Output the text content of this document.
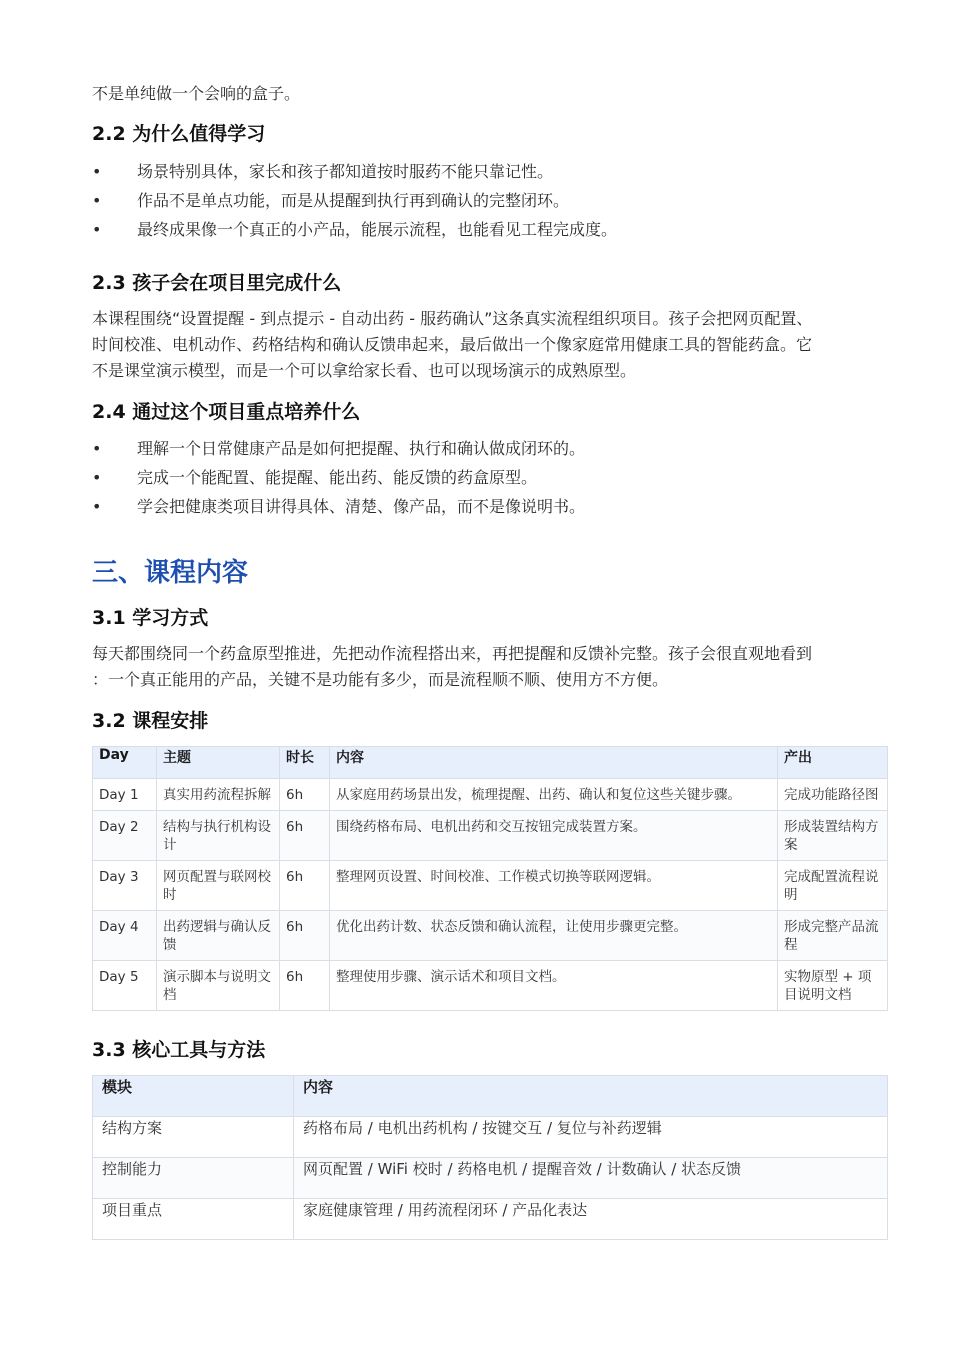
不是单纯做一个会响的盒子。

2.2 为什么值得学习
• 场景特别具体，家长和孩子都知道按时服药不能只靠记性。
• 作品不是单点功能，而是从提醒到执行再到确认的完整闭环。
• 最终成果像一个真正的小产品，能展示流程，也能看见工程完成度。
2.3 孩子会在项目里完成什么

本课程围绕“设置提醒 - 到点提示 - 自动出药 - 服药确认”这条真实流程组织项目。孩子会把网页配置、

时间校准、电机动作、药格结构和确认反馈串起来，最后做出一个像家庭常用健康工具的智能药盒。它

不是课堂演示模型，而是一个可以拿给家长看、也可以现场演示的成熟原型。

2.4 通过这个项目重点培养什么
• 理解一个日常健康产品是如何把提醒、执行和确认做成闭环的。
• 完成一个能配置、能提醒、能出药、能反馈的药盒原型。
• 学会把健康类项目讲得具体、清楚、像产品，而不是像说明书。
三、课程内容
3.1 学习方式

每天都围绕同一个药盒原型推进，先把动作流程搭出来，再把提醒和反馈补完整。孩子会很直观地看到

：一个真正能用的产品，关键不是功能有多少，而是流程顺不顺、使用方不方便。

3.2 课程安排
Day	主题	时长	内容	产出
Day 1	真实用药流程拆解	6h	从家庭用药场景出发，梳理提醒、出药、确认和复位这些关键步骤。	完成功能路径图
Day 2	结构与执行机构设计	6h	围绕药格布局、电机出药和交互按钮完成装置方案。	形成装置结构方案
Day 3	网页配置与联网校时	6h	整理网页设置、时间校准、工作模式切换等联网逻辑。	完成配置流程说明
Day 4	出药逻辑与确认反馈	6h	优化出药计数、状态反馈和确认流程，让使用步骤更完整。	形成完整产品流程
Day 5	演示脚本与说明文档	6h	整理使用步骤、演示话术和项目文档。	实物原型 + 项目说明文档
3.3 核心工具与方法
模块	内容
结构方案	药格布局 / 电机出药机构 / 按键交互 / 复位与补药逻辑
控制能力	网页配置 / WiFi 校时 / 药格电机 / 提醒音效 / 计数确认 / 状态反馈
项目重点	家庭健康管理 / 用药流程闭环 / 产品化表达
